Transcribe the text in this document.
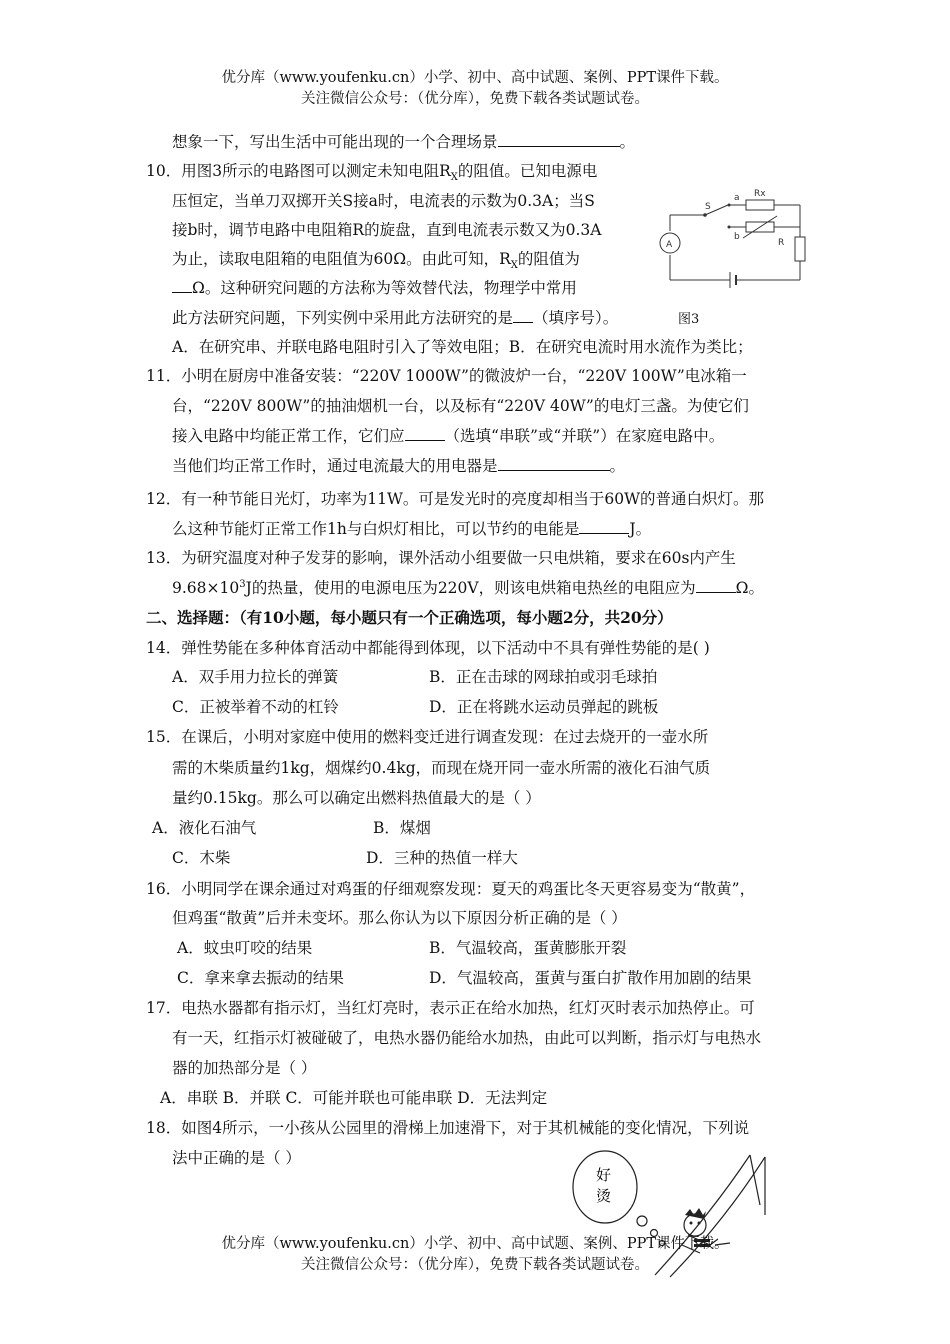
优分库（www.youfenku.cn）小学、初中、高中试题、案例、PPT课件下载。
关注微信公众号：（优分库），免费下载各类试题试卷。
想象一下，写出生活中可能出现的一个合理场景	。
10．用图3所示的电路图可以测定未知电阻$R_X$的阻值。已知电源电
压恒定，当单刀双掷开关S接a时，电流表的示数为0.3A；当S
接b时，调节电路中电阻箱R的旋盘，直到电流表示数又为0.3A
为止，读取电阻箱的电阻值为60Ω。由此可知，$R_X$的阻值为
Ω。这种研究问题的方法称为等效替代法，物理学中常用
此方法研究问题，下列实例中采用此方法研究的是 （填序号）。	图3
A
S
a
b
Rx
R
A．在研究串、并联电路电阻时引入了等效电阻；B．在研究电流时用水流作为类比；
11．小明在厨房中准备安装：“220V 1000W”的微波炉一台，“220V 100W”电冰箱一
台，“220V 800W”的抽油烟机一台，以及标有“220V 40W”的电灯三盏。为使它们
接入电路中均能正常工作，它们应	（选填“串联”或“并联”）在家庭电路中。
当他们均正常工作时，通过电流最大的用电器是	。
12．有一种节能日光灯，功率为11W。可是发光时的亮度却相当于60W的普通白炽灯。那
么这种节能灯正常工作1h与白炽灯相比，可以节约的电能是	J。
13．为研究温度对种子发芽的影响，课外活动小组要做一只电烘箱，要求在60s内产生
$9.68\times 10^3J$的热量，使用的电源电压为220V，则该电烘箱电热丝的电阻应为	Ω。
二、选择题：（有10小题，每小题只有一个正确选项，每小题2分，共20分）
14．弹性势能在多种体育活动中都能得到体现，以下活动中不具有弹性势能的是( )
A．双手用力拉长的弹簧	B．正在击球的网球拍或羽毛球拍
C．正被举着不动的杠铃	D．正在将跳水运动员弹起的跳板
15．在课后，小明对家庭中使用的燃料变迁进行调查发现：在过去烧开的一壶水所
需的木柴质量约1kg，烟煤约0.4kg，而现在烧开同一壶水所需的液化石油气质
量约0.15kg。那么可以确定出燃料热值最大的是（ ）
A．液化石油气	B．煤烟
C．木柴	D．三种的热值一样大
16．小明同学在课余通过对鸡蛋的仔细观察发现：夏天的鸡蛋比冬天更容易变为“散黄”，
但鸡蛋“散黄”后并未变坏。那么你认为以下原因分析正确的是（ ）
A．蚊虫叮咬的结果	B．气温较高，蛋黄膨胀开裂
C．拿来拿去振动的结果	D．气温较高，蛋黄与蛋白扩散作用加剧的结果
17．电热水器都有指示灯，当红灯亮时，表示正在给水加热，红灯灭时表示加热停止。可
有一天，红指示灯被碰破了，电热水器仍能给水加热，由此可以判断，指示灯与电热水
器的加热部分是（ ）
A．串联 B．并联 C．可能并联也可能串联 D．无法判定
18．如图4所示，一小孩从公园里的滑梯上加速滑下，对于其机械能的变化情况，下列说
法中正确的是（ ）
好
烫
优分库（www.youfenku.cn）小学、初中、高中试题、案例、PPT课件下载。
关注微信公众号：（优分库），免费下载各类试题试卷。
